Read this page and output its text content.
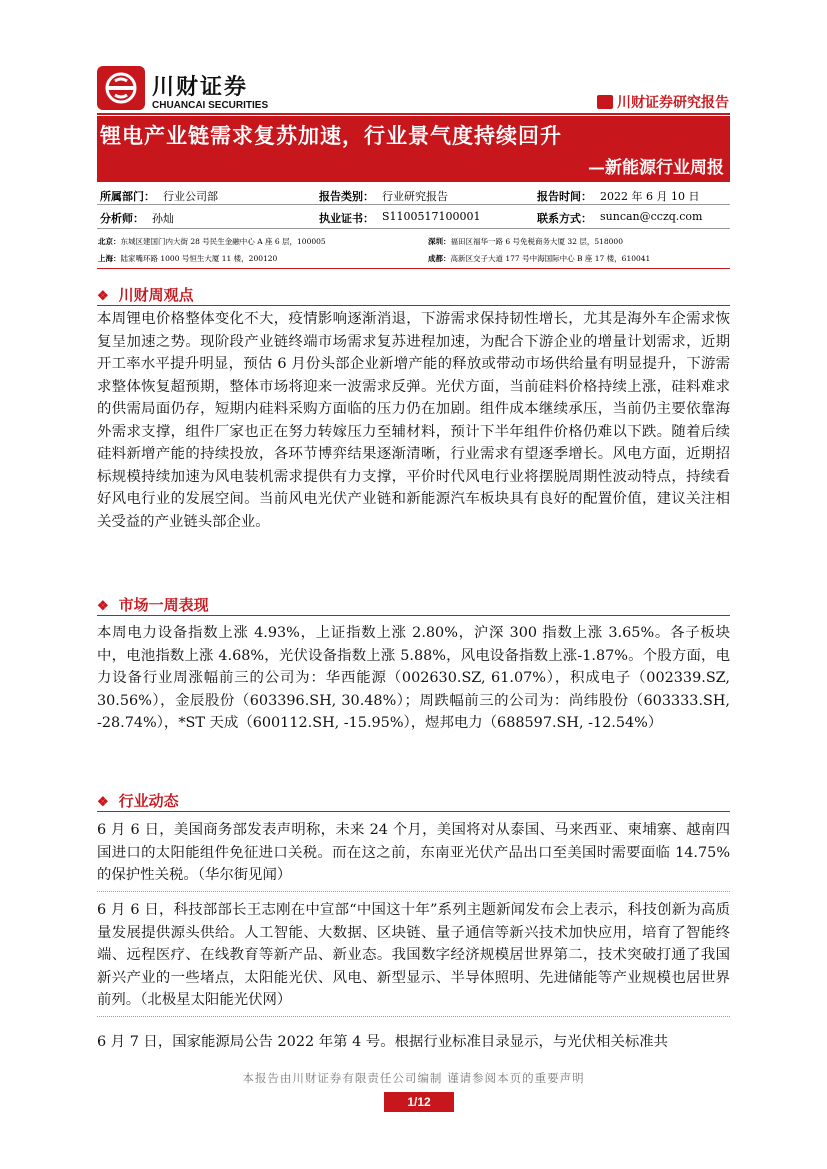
川财证券
CHUANCAI SECURITIES	川财证券研究报告
锂电产业链需求复苏加速，行业景气度持续回升
—新能源行业周报
所属部门： 行业公司部	报告类别： 行业研究报告	报告时间： 2022 年 6 月 10 日
分析师： 孙灿	执业证书： S1100517100001	联系方式： suncan@cczq.com
北京：东城区建国门内大街 28 号民生金融中心 A 座 6 层，100005	深圳：福田区福华一路 6 号免税商务大厦 32 层，518000
上海：陆家嘴环路 1000 号恒生大厦 11 楼，200120	成都：高新区交子大道 177 号中海国际中心 B 座 17 楼，610041
❖ 川财周观点
本周锂电价格整体变化不大，疫情影响逐渐消退，下游需求保持韧性增长，尤其是海外车企需求恢复呈加速之势。现阶段产业链终端市场需求复苏进程加速，为配合下游企业的增量计划需求，近期开工率水平提升明显，预估 6 月份头部企业新增产能的释放或带动市场供给量有明显提升，下游需求整体恢复超预期，整体市场将迎来一波需求反弹。光伏方面，当前硅料价格持续上涨，硅料难求的供需局面仍存，短期内硅料采购方面临的压力仍在加剧。组件成本继续承压，当前仍主要依靠海外需求支撑，组件厂家也正在努力转嫁压力至辅材料，预计下半年组件价格仍难以下跌。随着后续硅料新增产能的持续投放，各环节博弈结果逐渐清晰，行业需求有望逐季增长。风电方面，近期招标规模持续加速为风电装机需求提供有力支撑，平价时代风电行业将摆脱周期性波动特点，持续看好风电行业的发展空间。当前风电光伏产业链和新能源汽车板块具有良好的配置价值，建议关注相关受益的产业链头部企业。
❖ 市场一周表现
本周电力设备指数上涨 4.93%，上证指数上涨 2.80%，沪深 300 指数上涨 3.65%。各子板块中，电池指数上涨 4.68%，光伏设备指数上涨 5.88%，风电设备指数上涨-1.87%。个股方面，电力设备行业周涨幅前三的公司为：华西能源（002630.SZ, 61.07%），积成电子（002339.SZ, 30.56%），金辰股份（603396.SH, 30.48%）；周跌幅前三的公司为：尚纬股份（603333.SH, -28.74%），*ST 天成（600112.SH, -15.95%），煜邦电力（688597.SH, -12.54%）
❖ 行业动态
6 月 6 日，美国商务部发表声明称，未来 24 个月，美国将对从泰国、马来西亚、柬埔寨、越南四国进口的太阳能组件免征进口关税。而在这之前，东南亚光伏产品出口至美国时需要面临 14.75%的保护性关税。（华尔街见闻）
6 月 6 日，科技部部长王志刚在中宣部“中国这十年”系列主题新闻发布会上表示，科技创新为高质量发展提供源头供给。人工智能、大数据、区块链、量子通信等新兴技术加快应用，培育了智能终端、远程医疗、在线教育等新产品、新业态。我国数字经济规模居世界第二，技术突破打通了我国新兴产业的一些堵点，太阳能光伏、风电、新型显示、半导体照明、先进储能等产业规模也居世界前列。（北极星太阳能光伏网）
6 月 7 日，国家能源局公告 2022 年第 4 号。根据行业标准目录显示，与光伏相关标准共
本报告由川财证券有限责任公司编制 谨请参阅本页的重要声明
1/12
